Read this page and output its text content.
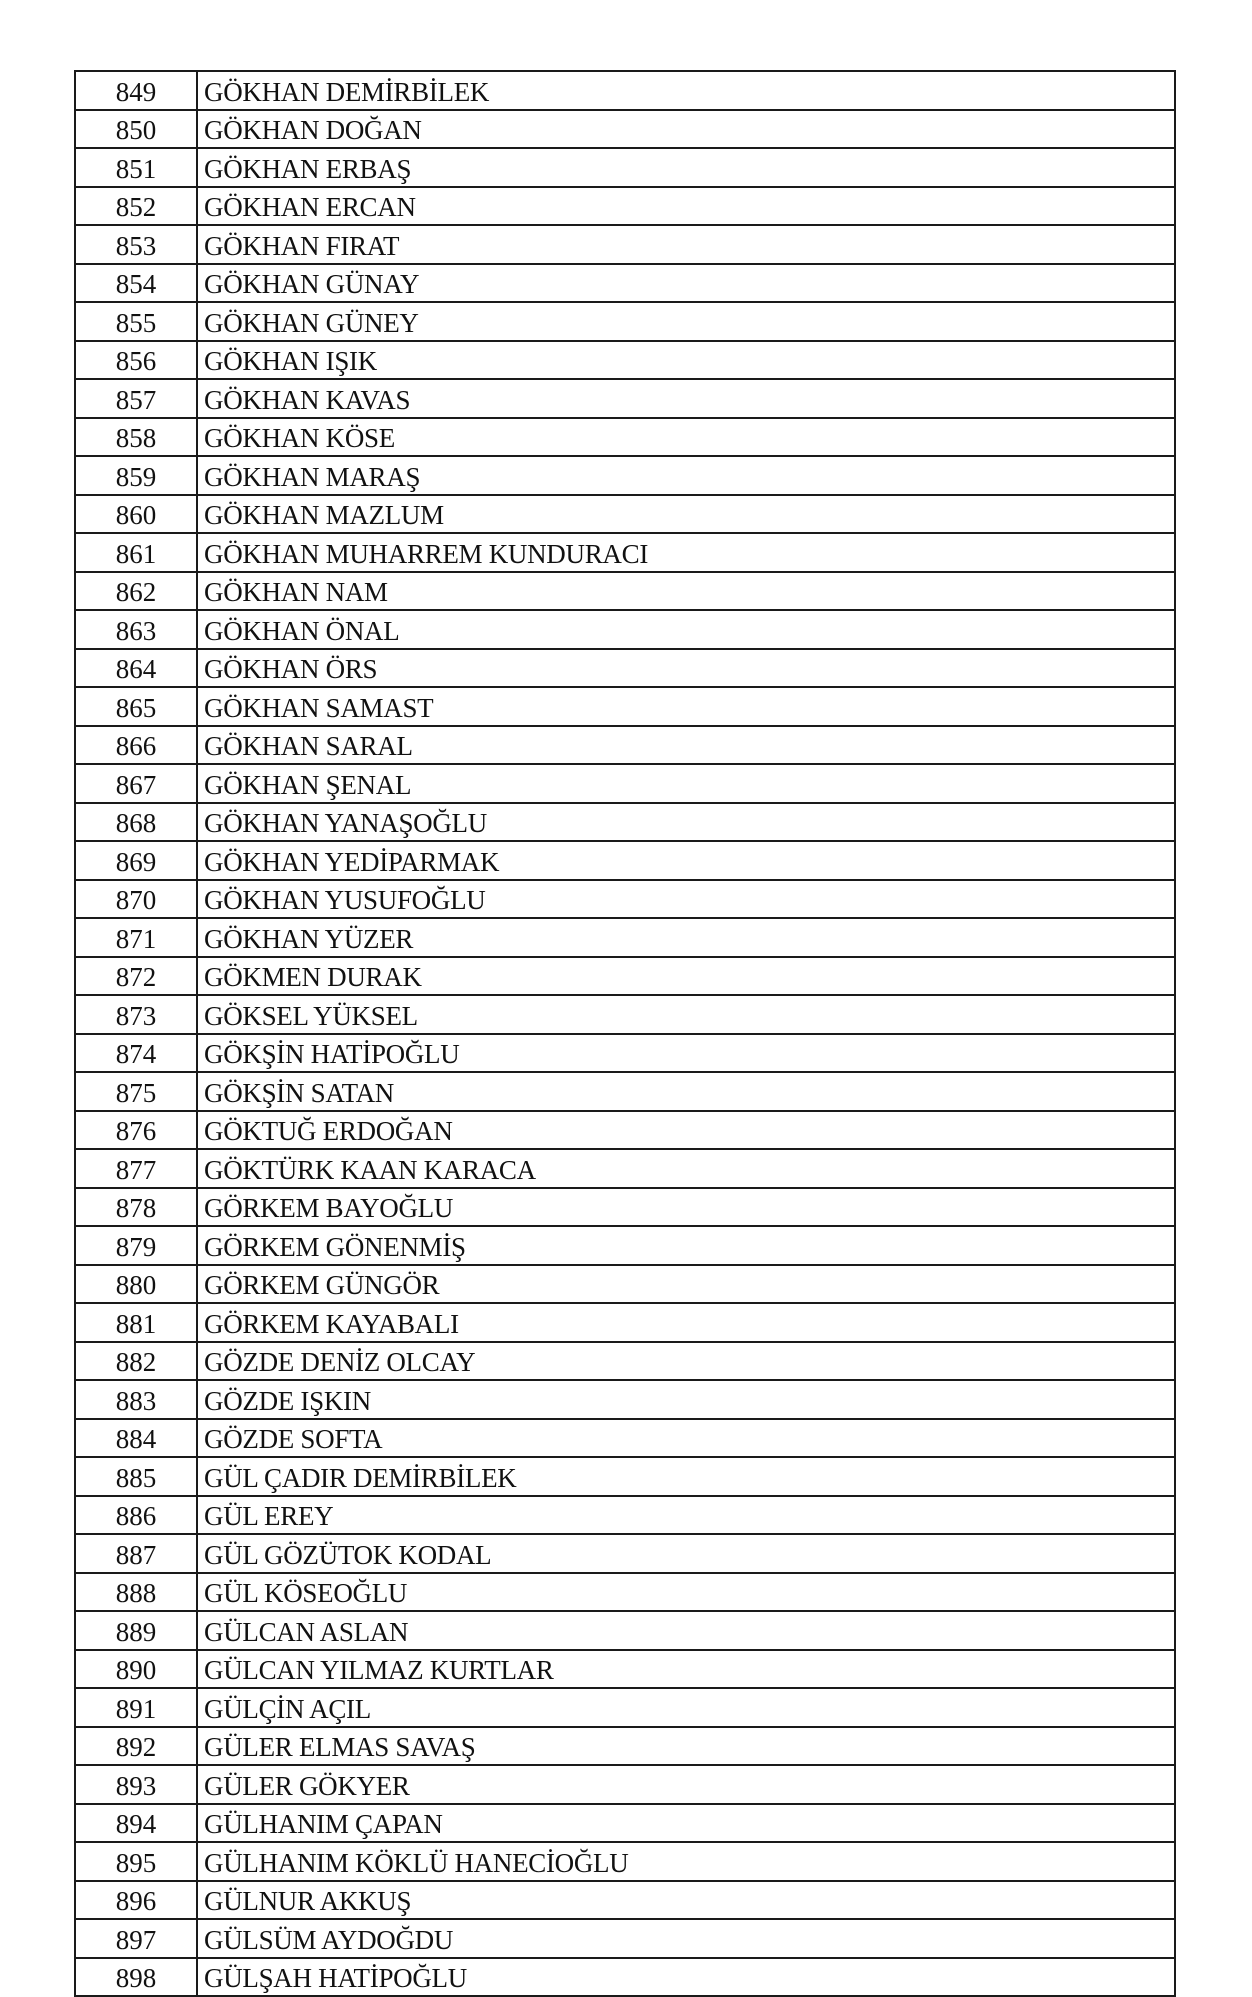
849	GÖKHAN DEMİRBİLEK
850	GÖKHAN DOĞAN
851	GÖKHAN ERBAŞ
852	GÖKHAN ERCAN
853	GÖKHAN FIRAT
854	GÖKHAN GÜNAY
855	GÖKHAN GÜNEY
856	GÖKHAN IŞIK
857	GÖKHAN KAVAS
858	GÖKHAN KÖSE
859	GÖKHAN MARAŞ
860	GÖKHAN MAZLUM
861	GÖKHAN MUHARREM KUNDURACI
862	GÖKHAN NAM
863	GÖKHAN ÖNAL
864	GÖKHAN ÖRS
865	GÖKHAN SAMAST
866	GÖKHAN SARAL
867	GÖKHAN ŞENAL
868	GÖKHAN YANAŞOĞLU
869	GÖKHAN YEDİPARMAK
870	GÖKHAN YUSUFOĞLU
871	GÖKHAN YÜZER
872	GÖKMEN DURAK
873	GÖKSEL YÜKSEL
874	GÖKŞİN HATİPOĞLU
875	GÖKŞİN SATAN
876	GÖKTUĞ ERDOĞAN
877	GÖKTÜRK KAAN KARACA
878	GÖRKEM BAYOĞLU
879	GÖRKEM GÖNENMİŞ
880	GÖRKEM GÜNGÖR
881	GÖRKEM KAYABALI
882	GÖZDE DENİZ OLCAY
883	GÖZDE IŞKIN
884	GÖZDE SOFTA
885	GÜL ÇADIR DEMİRBİLEK
886	GÜL EREY
887	GÜL GÖZÜTOK KODAL
888	GÜL KÖSEOĞLU
889	GÜLCAN ASLAN
890	GÜLCAN YILMAZ KURTLAR
891	GÜLÇİN AÇIL
892	GÜLER ELMAS SAVAŞ
893	GÜLER GÖKYER
894	GÜLHANIM ÇAPAN
895	GÜLHANIM KÖKLÜ HANECİOĞLU
896	GÜLNUR AKKUŞ
897	GÜLSÜM AYDOĞDU
898	GÜLŞAH HATİPOĞLU
